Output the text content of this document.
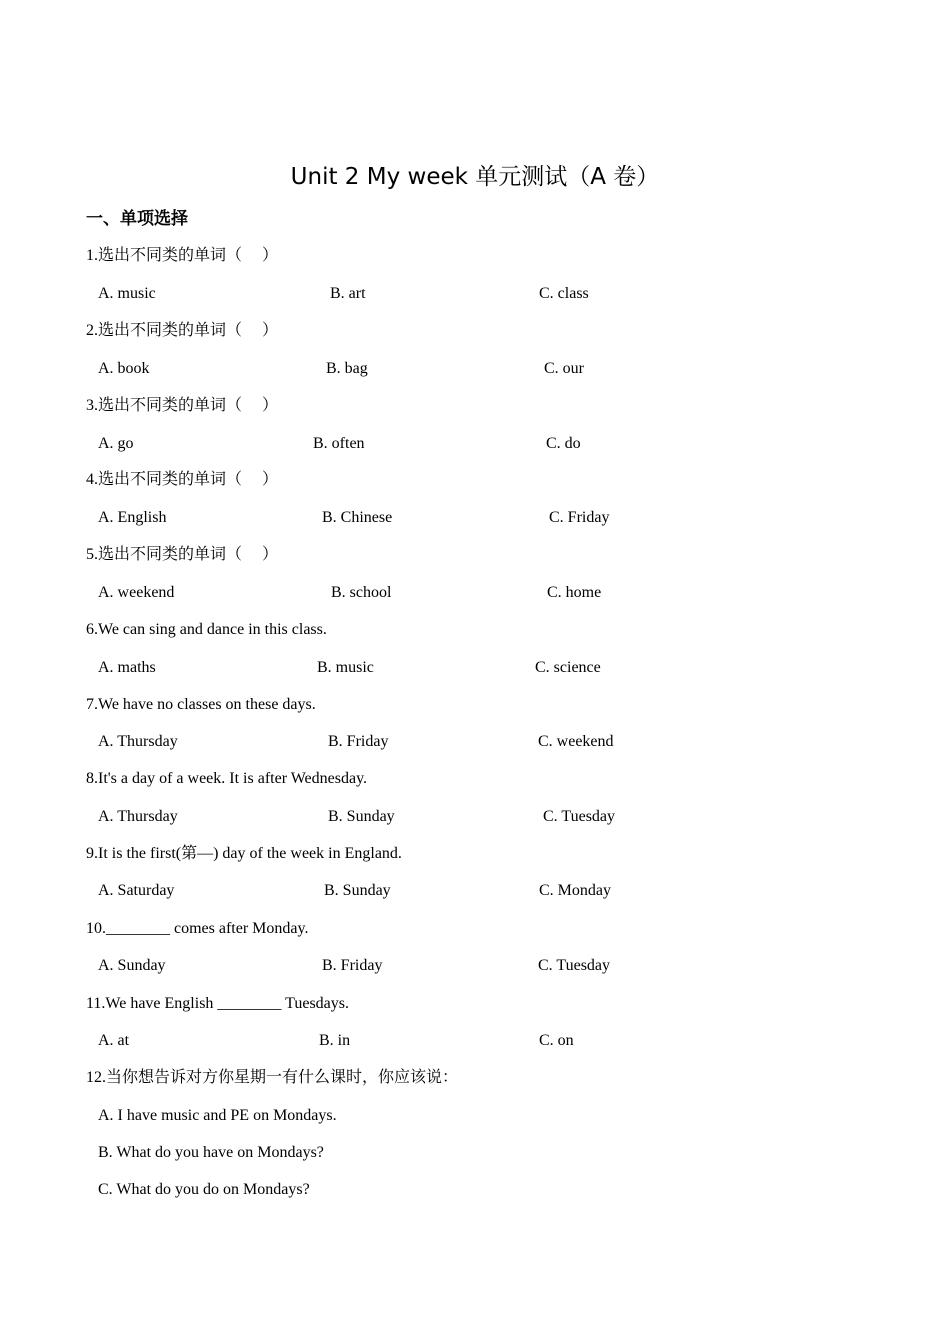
Unit 2 My week 单元测试（A 卷）
一、单项选择
1.选出不同类的单词（　 ）
A. music	B. art	C. class
2.选出不同类的单词（　 ）
A. book	B. bag	C. our
3.选出不同类的单词（　 ）
A. go	B. often	C. do
4.选出不同类的单词（　 ）
A. English	B. Chinese	C. Friday
5.选出不同类的单词（　 ）
A. weekend	B. school	C. home
6.We can sing and dance in this class.
A. maths	B. music	C. science
7.We have no classes on these days.
A. Thursday	B. Friday	C. weekend
8.It's a day of a week. It is after Wednesday.
A. Thursday	B. Sunday	C. Tuesday
9.It is the first(第—) day of the week in England.
A. Saturday	B. Sunday	C. Monday
10.________ comes after Monday.
A. Sunday	B. Friday	C. Tuesday
11.We have English ________ Tuesdays.
A. at	B. in	C. on
12.当你想告诉对方你星期一有什么课时，你应该说：
A. I have music and PE on Mondays.
B. What do you have on Mondays?
C. What do you do on Mondays?
